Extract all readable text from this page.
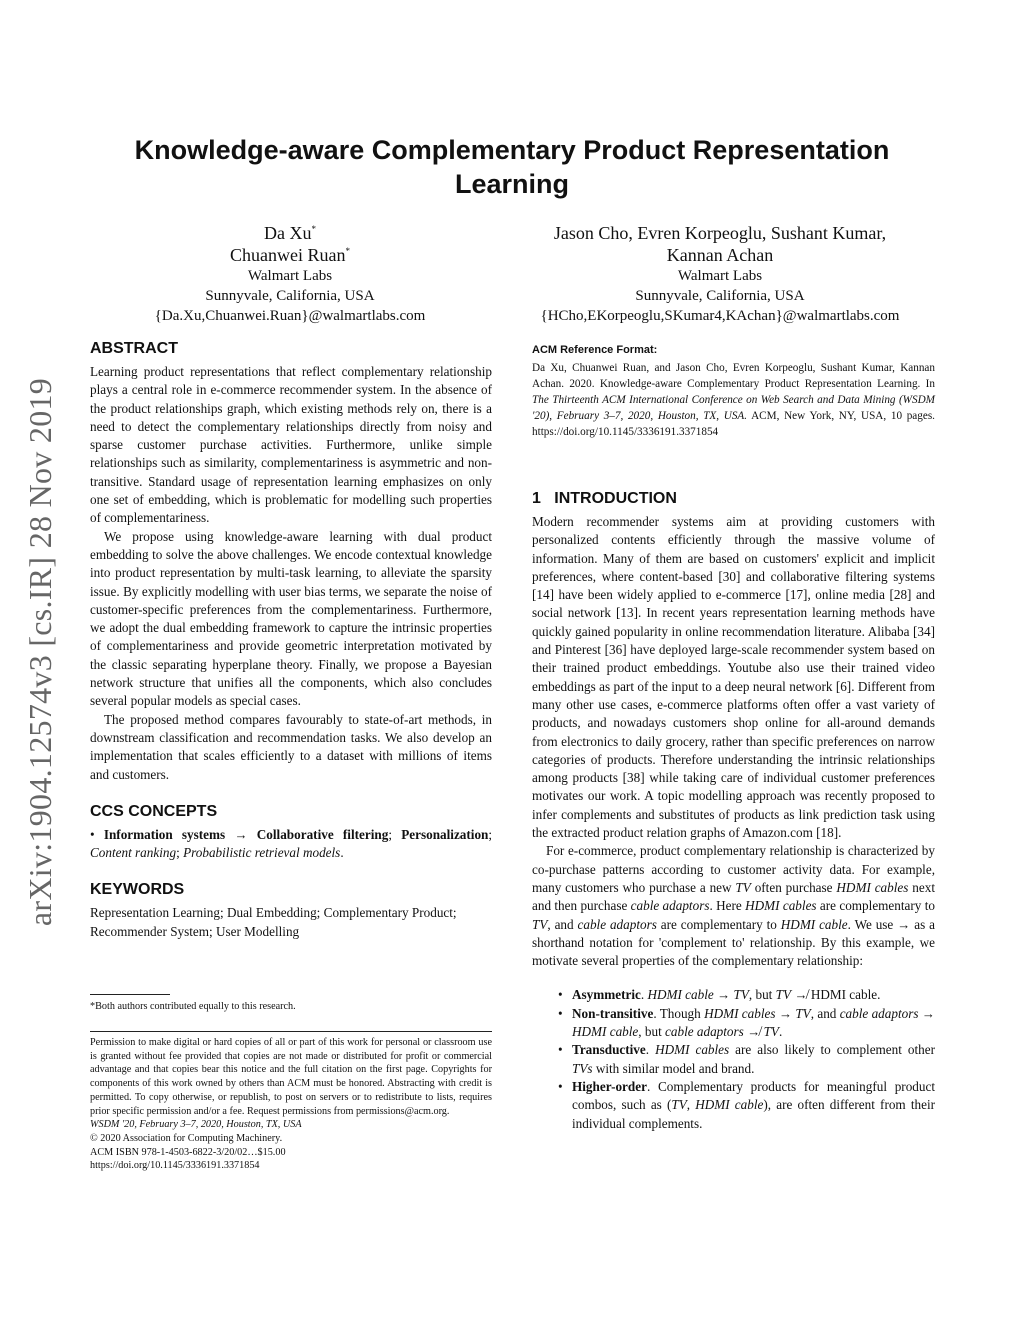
arXiv:1904.12574v3 [cs.IR] 28 Nov 2019
Knowledge-aware Complementary Product Representation Learning
Da Xu*
Chuanwei Ruan*
Walmart Labs
Sunnyvale, California, USA
{Da.Xu,Chuanwei.Ruan}@walmartlabs.com
Jason Cho, Evren Korpeoglu, Sushant Kumar,
Kannan Achan
Walmart Labs
Sunnyvale, California, USA
{HCho,EKorpeoglu,SKumar4,KAchan}@walmartlabs.com
ABSTRACT

Learning product representations that reflect complementary relationship plays a central role in e-commerce recommender system. In the absence of the product relationships graph, which existing methods rely on, there is a need to detect the complementary relationships directly from noisy and sparse customer purchase activities. Furthermore, unlike simple relationships such as similarity, complementariness is asymmetric and non-transitive. Standard usage of representation learning emphasizes on only one set of embedding, which is problematic for modelling such properties of complementariness.

We propose using knowledge-aware learning with dual product embedding to solve the above challenges. We encode contextual knowledge into product representation by multi-task learning, to alleviate the sparsity issue. By explicitly modelling with user bias terms, we separate the noise of customer-specific preferences from the complementariness. Furthermore, we adopt the dual embedding framework to capture the intrinsic properties of complementariness and provide geometric interpretation motivated by the classic separating hyperplane theory. Finally, we propose a Bayesian network structure that unifies all the components, which also concludes several popular models as special cases.

The proposed method compares favourably to state-of-art methods, in downstream classification and recommendation tasks. We also develop an implementation that scales efficiently to a dataset with millions of items and customers.

CCS CONCEPTS
• Information systems → Collaborative filtering; Personalization; Content ranking; Probabilistic retrieval models.
KEYWORDS
Representation Learning; Dual Embedding; Complementary Product; Recommender System; User Modelling
*Both authors contributed equally to this research.
Permission to make digital or hard copies of all or part of this work for personal or classroom use is granted without fee provided that copies are not made or distributed for profit or commercial advantage and that copies bear this notice and the full citation on the first page. Copyrights for components of this work owned by others than ACM must be honored. Abstracting with credit is permitted. To copy otherwise, or republish, to post on servers or to redistribute to lists, requires prior specific permission and/or a fee. Request permissions from permissions@acm.org.
WSDM '20, February 3–7, 2020, Houston, TX, USA
© 2020 Association for Computing Machinery.
ACM ISBN 978-1-4503-6822-3/20/02…$15.00
https://doi.org/10.1145/3336191.3371854
ACM Reference Format:
Da Xu, Chuanwei Ruan, and Jason Cho, Evren Korpeoglu, Sushant Kumar, Kannan Achan. 2020. Knowledge-aware Complementary Product Representation Learning. In The Thirteenth ACM International Conference on Web Search and Data Mining (WSDM '20), February 3–7, 2020, Houston, TX, USA. ACM, New York, NY, USA, 10 pages. https://doi.org/10.1145/3336191.3371854
1 INTRODUCTION

Modern recommender systems aim at providing customers with personalized contents efficiently through the massive volume of information. Many of them are based on customers' explicit and implicit preferences, where content-based [30] and collaborative filtering systems [14] have been widely applied to e-commerce [17], online media [28] and social network [13]. In recent years representation learning methods have quickly gained popularity in online recommendation literature. Alibaba [34] and Pinterest [36] have deployed large-scale recommender system based on their trained product embeddings. Youtube also use their trained video embeddings as part of the input to a deep neural network [6]. Different from many other use cases, e-commerce platforms often offer a vast variety of products, and nowadays customers shop online for all-around demands from electronics to daily grocery, rather than specific preferences on narrow categories of products. Therefore understanding the intrinsic relationships among products [38] while taking care of individual customer preferences motivates our work. A topic modelling approach was recently proposed to infer complements and substitutes of products as link prediction task using the extracted product relation graphs of Amazon.com [18].

For e-commerce, product complementary relationship is characterized by co-purchase patterns according to customer activity data. For example, many customers who purchase a new TV often purchase HDMI cables next and then purchase cable adaptors. Here HDMI cables are complementary to TV, and cable adaptors are complementary to HDMI cable. We use → as a shorthand notation for 'complement to' relationship. By this example, we motivate several properties of the complementary relationship:

• Asymmetric. HDMI cable → TV, but TV ↛ HDMI cable.
• Non-transitive. Though HDMI cables → TV, and cable adaptors → HDMI cable, but cable adaptors ↛ TV.
• Transductive. HDMI cables are also likely to complement other TVs with similar model and brand.
• Higher-order. Complementary products for meaningful product combos, such as (TV, HDMI cable), are often different from their individual complements.
